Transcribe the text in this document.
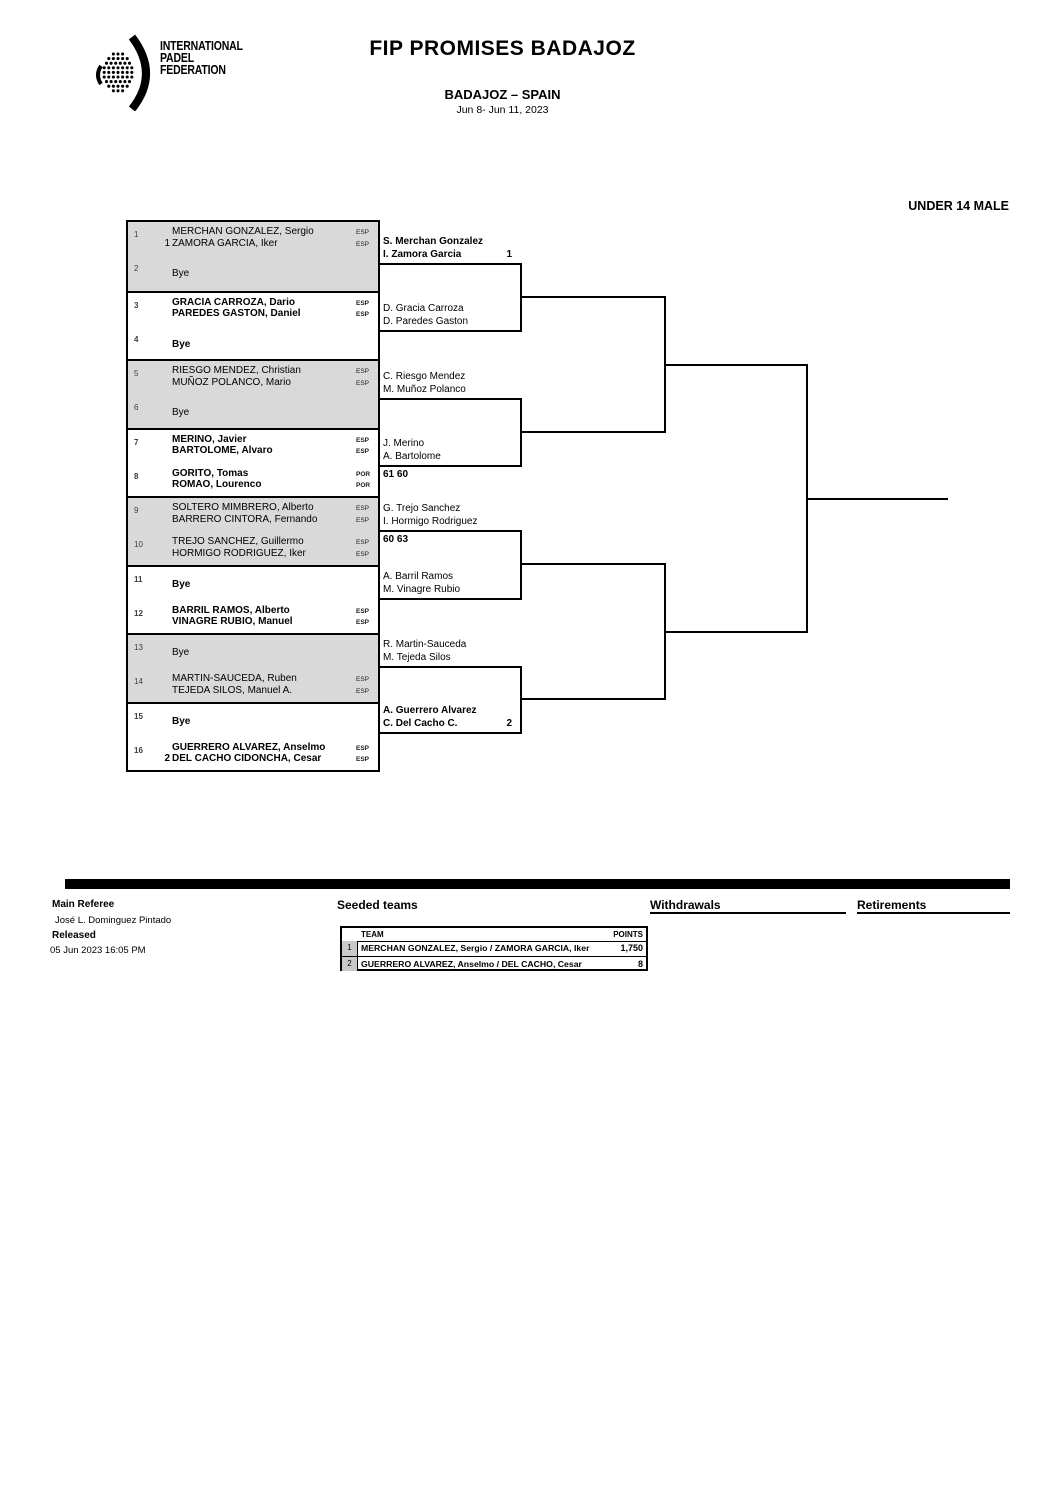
INTERNATIONAL
PADEL
FEDERATION
FIP PROMISES BADAJOZ
BADAJOZ – SPAIN
Jun 8- Jun 11, 2023
UNDER 14 MALE
1	MERCHAN GONZALEZ, Sergio
1 ZAMORA GARCIA, Iker
ESP
ESP
2	Bye
3	GRACIA CARROZA, Dario
PAREDES GASTON, Daniel
ESP
ESP
4	Bye
5	RIESGO MENDEZ, Christian
MUÑOZ POLANCO, Mario
ESP
ESP
6	Bye
7	MERINO, Javier
BARTOLOME, Alvaro
ESP
ESP
8	GORITO, Tomas
ROMAO, Lourenco
POR
POR
9	SOLTERO MIMBRERO, Alberto
BARRERO CINTORA, Fernando
ESP
ESP
10	TREJO SANCHEZ, Guillermo
HORMIGO RODRIGUEZ, Iker
ESP
ESP
11	Bye
12	BARRIL RAMOS, Alberto
VINAGRE RUBIO, Manuel
ESP
ESP
13	Bye
14	MARTIN-SAUCEDA, Ruben
TEJEDA SILOS, Manuel A.
ESP
ESP
15	Bye
16	GUERRERO ALVAREZ, Anselmo
2 DEL CACHO CIDONCHA, Cesar
ESP
ESP
S. Merchan Gonzalez
1
I. Zamora Garcia
D. Gracia Carroza
D. Paredes Gaston
C. Riesgo Mendez
M. Muñoz Polanco
J. Merino
A. Bartolome
61 60
G. Trejo Sanchez
I. Hormigo Rodriguez
60 63
A. Barril Ramos
M. Vinagre Rubio
R. Martin-Sauceda
M. Tejeda Silos
A. Guerrero Alvarez
2
C. Del Cacho C.
Main Referee
José L. Dominguez Pintado
Released
05 Jun 2023 16:05 PM
Seeded teams
TEAM	POINTS
1	MERCHAN GONZALEZ, Sergio / ZAMORA GARCIA, Iker	1,750
2	GUERRERO ALVAREZ, Anselmo / DEL CACHO, Cesar	8
Withdrawals	Retirements
